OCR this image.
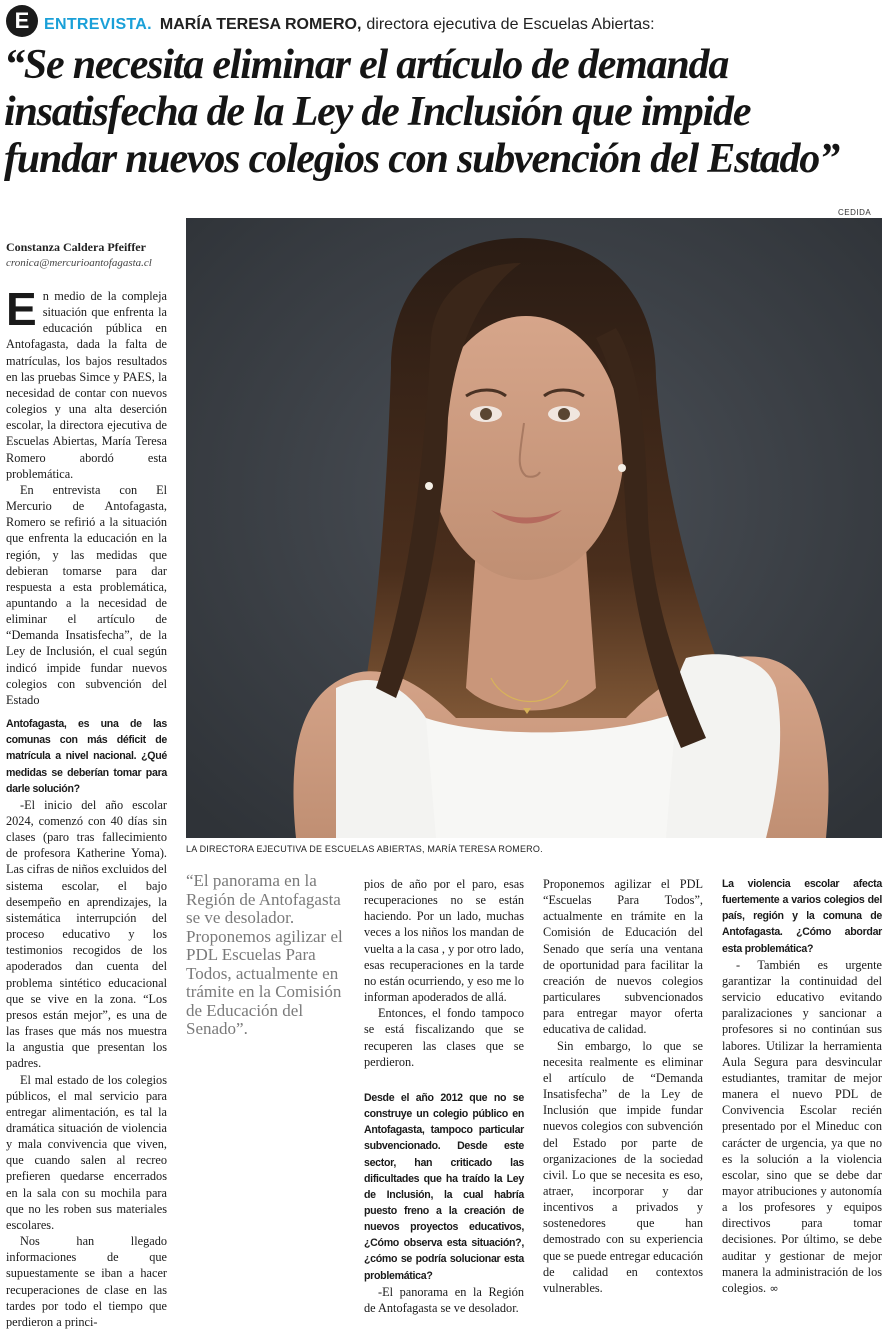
E ENTREVISTA. MARÍA TERESA ROMERO, directora ejecutiva de Escuelas Abiertas:
“Se necesita eliminar el artículo de demanda
insatisfecha de la Ley de Inclusión que impide
fundar nuevos colegios con subvención del Estado”
CEDIDA
LA DIRECTORA EJECUTIVA DE ESCUELAS ABIERTAS, MARÍA TERESA ROMERO.
Constanza Caldera Pfeiffer
cronica@mercurioantofagasta.cl

En medio de la compleja situación que enfrenta la educación pública en Antofagasta, dada la falta de matrículas, los bajos resultados en las pruebas Simce y PAES, la necesidad de contar con nuevos colegios y una alta deserción escolar, la directora ejecutiva de Escuelas Abiertas, María Teresa Romero abordó esta problemática.

En entrevista con El Mercurio de Antofagasta, Romero se refirió a la situación que enfrenta la educación en la región, y las medidas que debieran tomarse para dar respuesta a esta problemática, apuntando a la necesidad de eliminar el artículo de “Demanda Insatisfecha”, de la Ley de Inclusión, el cual según indicó impide fundar nuevos colegios con subvención del Estado

Antofagasta, es una de las comunas con más déficit de matrícula a nivel nacional. ¿Qué medidas se deberían tomar para darle solución?

-El inicio del año escolar 2024, comenzó con 40 días sin clases (paro tras fallecimiento de profesora Katherine Yoma). Las cifras de niños excluidos del sistema escolar, el bajo desempeño en aprendizajes, la sistemática interrupción del proceso educativo y los testimonios recogidos de los apoderados dan cuenta del problema sintético educacional que se vive en la zona. “Los presos están mejor”, es una de las frases que más nos muestra la angustia que presentan los padres.

El mal estado de los colegios públicos, el mal servicio para entregar alimentación, es tal la dramática situación de violencia y mala convivencia que viven, que cuando salen al recreo prefieren quedarse encerrados en la sala con su mochila para que no les roben sus materiales escolares.

Nos han llegado informaciones de que supuestamente se iban a hacer recuperaciones de clase en las tardes por todo el tiempo que perdieron a princi-

“El panorama en la Región de Antofagasta se ve desolador. Proponemos agilizar el PDL Escuelas Para Todos, actualmente en trámite en la Comisión de Educación del Senado”.

pios de año por el paro, esas recuperaciones no se están haciendo. Por un lado, muchas veces a los niños los mandan de vuelta a la casa , y por otro lado, esas recuperaciones en la tarde no están ocurriendo, y eso me lo informan apoderados de allá.

Entonces, el fondo tampoco se está fiscalizando que se recuperen las clases que se perdieron.

Desde el año 2012 que no se construye un colegio público en Antofagasta, tampoco particular subvencionado. Desde este sector, han criticado las dificultades que ha traído la Ley de Inclusión, la cual habría puesto freno a la creación de nuevos proyectos educativos, ¿Cómo observa esta situación?, ¿cómo se podría solucionar esta problemática?

-El panorama en la Región de Antofagasta se ve desolador.

Proponemos agilizar el PDL “Escuelas Para Todos”, actualmente en trámite en la Comisión de Educación del Senado que sería una ventana de oportunidad para facilitar la creación de nuevos colegios particulares subvencionados para entregar mayor oferta educativa de calidad.

Sin embargo, lo que se necesita realmente es eliminar el artículo de “Demanda Insatisfecha” de la Ley de Inclusión que impide fundar nuevos colegios con subvención del Estado por parte de organizaciones de la sociedad civil. Lo que se necesita es eso, atraer, incorporar y dar incentivos a privados y sostenedores que han demostrado con su experiencia que se puede entregar educación de calidad en contextos vulnerables.

La violencia escolar afecta fuertemente a varios colegios del país, región y la comuna de Antofagasta. ¿Cómo abordar esta problemática?

- También es urgente garantizar la continuidad del servicio educativo evitando paralizaciones y sancionar a profesores si no continúan sus labores. Utilizar la herramienta Aula Segura para desvincular estudiantes, tramitar de mejor manera el nuevo PDL de Convivencia Escolar recién presentado por el Mineduc con carácter de urgencia, ya que no es la solución a la violencia escolar, sino que se debe dar mayor atribuciones y autonomía a los profesores y equipos directivos para tomar decisiones. Por último, se debe auditar y gestionar de mejor manera la administración de los colegios. ∞
